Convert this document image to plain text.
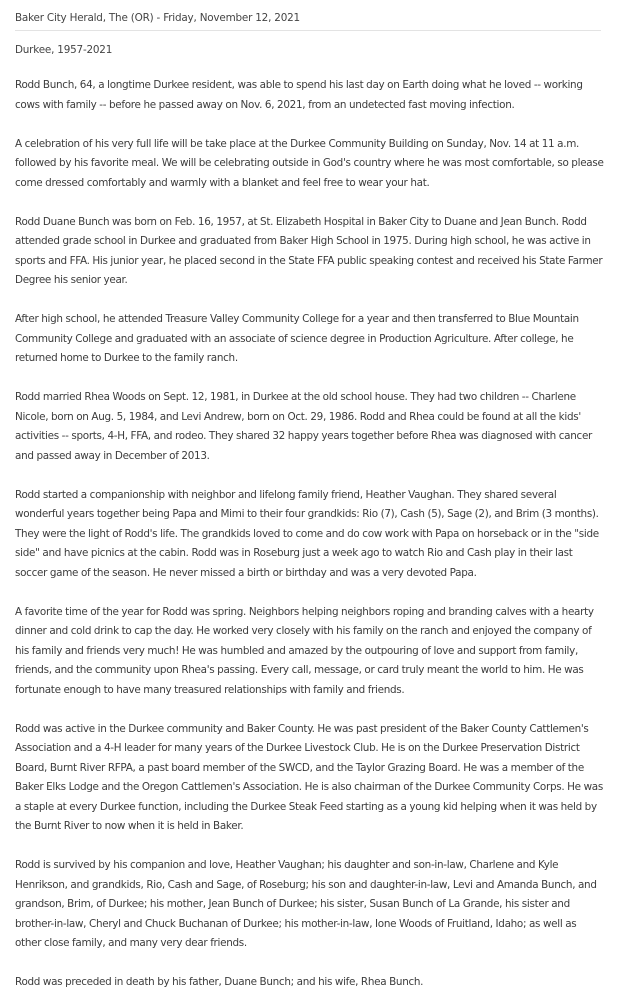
Baker City Herald, The (OR) - Friday, November 12, 2021
Durkee, 1957-2021

Rodd Bunch, 64, a longtime Durkee resident, was able to spend his last day on Earth doing what he loved -- working cows with family -- before he passed away on Nov. 6, 2021, from an undetected fast moving infection.

A celebration of his very full life will be take place at the Durkee Community Building on Sunday, Nov. 14 at 11 a.m. followed by his favorite meal. We will be celebrating outside in God's country where he was most comfortable, so please come dressed comfortably and warmly with a blanket and feel free to wear your hat.

Rodd Duane Bunch was born on Feb. 16, 1957, at St. Elizabeth Hospital in Baker City to Duane and Jean Bunch. Rodd attended grade school in Durkee and graduated from Baker High School in 1975. During high school, he was active in sports and FFA. His junior year, he placed second in the State FFA public speaking contest and received his State Farmer Degree his senior year.

After high school, he attended Treasure Valley Community College for a year and then transferred to Blue Mountain Community College and graduated with an associate of science degree in Production Agriculture. After college, he returned home to Durkee to the family ranch.

Rodd married Rhea Woods on Sept. 12, 1981, in Durkee at the old school house. They had two children -- Charlene Nicole, born on Aug. 5, 1984, and Levi Andrew, born on Oct. 29, 1986. Rodd and Rhea could be found at all the kids' activities -- sports, 4-H, FFA, and rodeo. They shared 32 happy years together before Rhea was diagnosed with cancer and passed away in December of 2013.

Rodd started a companionship with neighbor and lifelong family friend, Heather Vaughan. They shared several wonderful years together being Papa and Mimi to their four grandkids: Rio (7), Cash (5), Sage (2), and Brim (3 months). They were the light of Rodd's life. The grandkids loved to come and do cow work with Papa on horseback or in the "side side" and have picnics at the cabin. Rodd was in Roseburg just a week ago to watch Rio and Cash play in their last soccer game of the season. He never missed a birth or birthday and was a very devoted Papa.

A favorite time of the year for Rodd was spring. Neighbors helping neighbors roping and branding calves with a hearty dinner and cold drink to cap the day. He worked very closely with his family on the ranch and enjoyed the company of his family and friends very much! He was humbled and amazed by the outpouring of love and support from family, friends, and the community upon Rhea's passing. Every call, message, or card truly meant the world to him. He was fortunate enough to have many treasured relationships with family and friends.

Rodd was active in the Durkee community and Baker County. He was past president of the Baker County Cattlemen's Association and a 4-H leader for many years of the Durkee Livestock Club. He is on the Durkee Preservation District Board, Burnt River RFPA, a past board member of the SWCD, and the Taylor Grazing Board. He was a member of the Baker Elks Lodge and the Oregon Cattlemen's Association. He is also chairman of the Durkee Community Corps. He was a staple at every Durkee function, including the Durkee Steak Feed starting as a young kid helping when it was held by the Burnt River to now when it is held in Baker.

Rodd is survived by his companion and love, Heather Vaughan; his daughter and son-in-law, Charlene and Kyle Henrikson, and grandkids, Rio, Cash and Sage, of Roseburg; his son and daughter-in-law, Levi and Amanda Bunch, and grandson, Brim, of Durkee; his mother, Jean Bunch of Durkee; his sister, Susan Bunch of La Grande, his sister and brother-in-law, Cheryl and Chuck Buchanan of Durkee; his mother-in-law, Ione Woods of Fruitland, Idaho; as well as other close family, and many very dear friends.

Rodd was preceded in death by his father, Duane Bunch; and his wife, Rhea Bunch.
